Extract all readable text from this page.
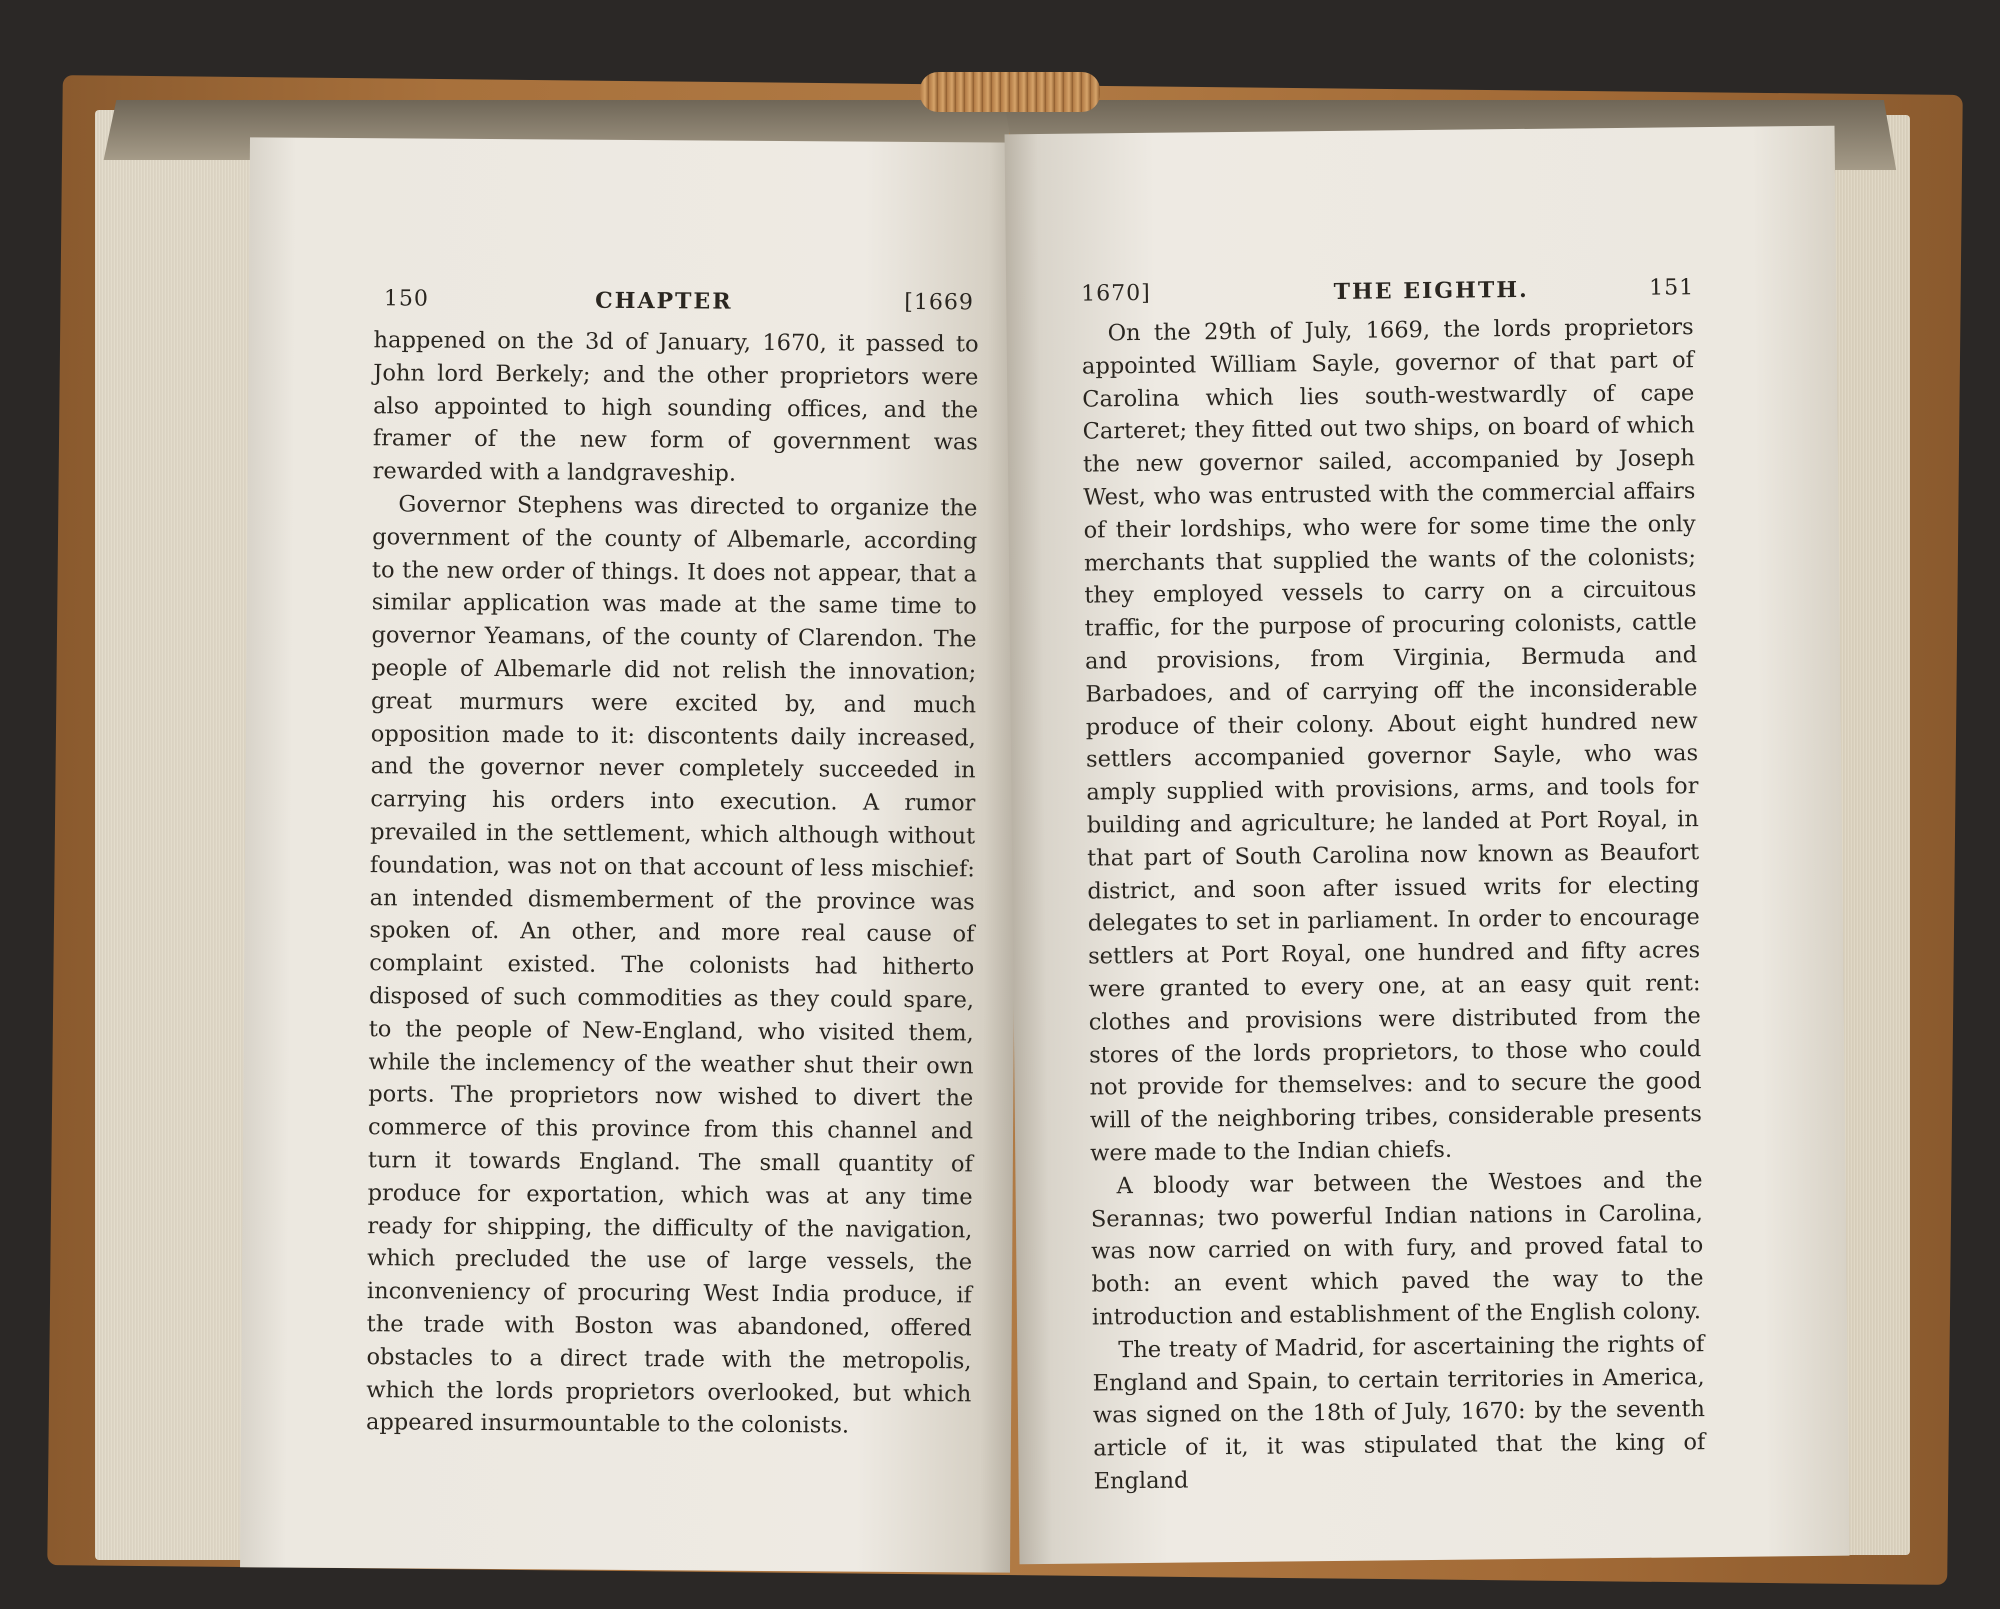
150	CHAPTER	[1669

happened on the 3d of January, 1670, it passed to John lord Berkely; and the other proprietors were also appointed to high sounding offices, and the framer of the new form of government was rewarded with a landgraveship.

Governor Stephens was directed to organize the government of the county of Albemarle, according to the new order of things. It does not appear, that a similar application was made at the same time to governor Yeamans, of the county of Clarendon. The people of Albemarle did not relish the innovation; great murmurs were excited by, and much opposition made to it: discontents daily increased, and the governor never completely succeeded in carrying his orders into execution. A rumor prevailed in the settlement, which although without foundation, was not on that account of less mischief: an intended dismemberment of the province was spoken of. An other, and more real cause of complaint existed. The colonists had hitherto disposed of such commodities as they could spare, to the people of New-England, who visited them, while the inclemency of the weather shut their own ports. The proprietors now wished to divert the commerce of this province from this channel and turn it towards England. The small quantity of produce for exportation, which was at any time ready for shipping, the difficulty of the navigation, which precluded the use of large vessels, the inconveniency of procuring West India produce, if the trade with Boston was abandoned, offered obstacles to a direct trade with the metropolis, which the lords proprietors overlooked, but which appeared insurmountable to the colonists.

1670]	THE EIGHTH.	151

On the 29th of July, 1669, the lords proprietors appointed William Sayle, governor of that part of Carolina which lies south-westwardly of cape Carteret; they fitted out two ships, on board of which the new governor sailed, accompanied by Joseph West, who was entrusted with the commercial affairs of their lordships, who were for some time the only merchants that supplied the wants of the colonists; they employed vessels to carry on a circuitous traffic, for the purpose of procuring colonists, cattle and provisions, from Virginia, Bermuda and Barbadoes, and of carrying off the inconsiderable produce of their colony. About eight hundred new settlers accompanied governor Sayle, who was amply supplied with provisions, arms, and tools for building and agriculture; he landed at Port Royal, in that part of South Carolina now known as Beaufort district, and soon after issued writs for electing delegates to set in parliament. In order to encourage settlers at Port Royal, one hundred and fifty acres were granted to every one, at an easy quit rent: clothes and provisions were distributed from the stores of the lords proprietors, to those who could not provide for themselves: and to secure the good will of the neighboring tribes, considerable presents were made to the Indian chiefs.

A bloody war between the Westoes and the Serannas; two powerful Indian nations in Carolina, was now carried on with fury, and proved fatal to both: an event which paved the way to the introduction and establishment of the English colony.

The treaty of Madrid, for ascertaining the rights of England and Spain, to certain territories in America, was signed on the 18th of July, 1670: by the seventh article of it, it was stipulated that the king of England
